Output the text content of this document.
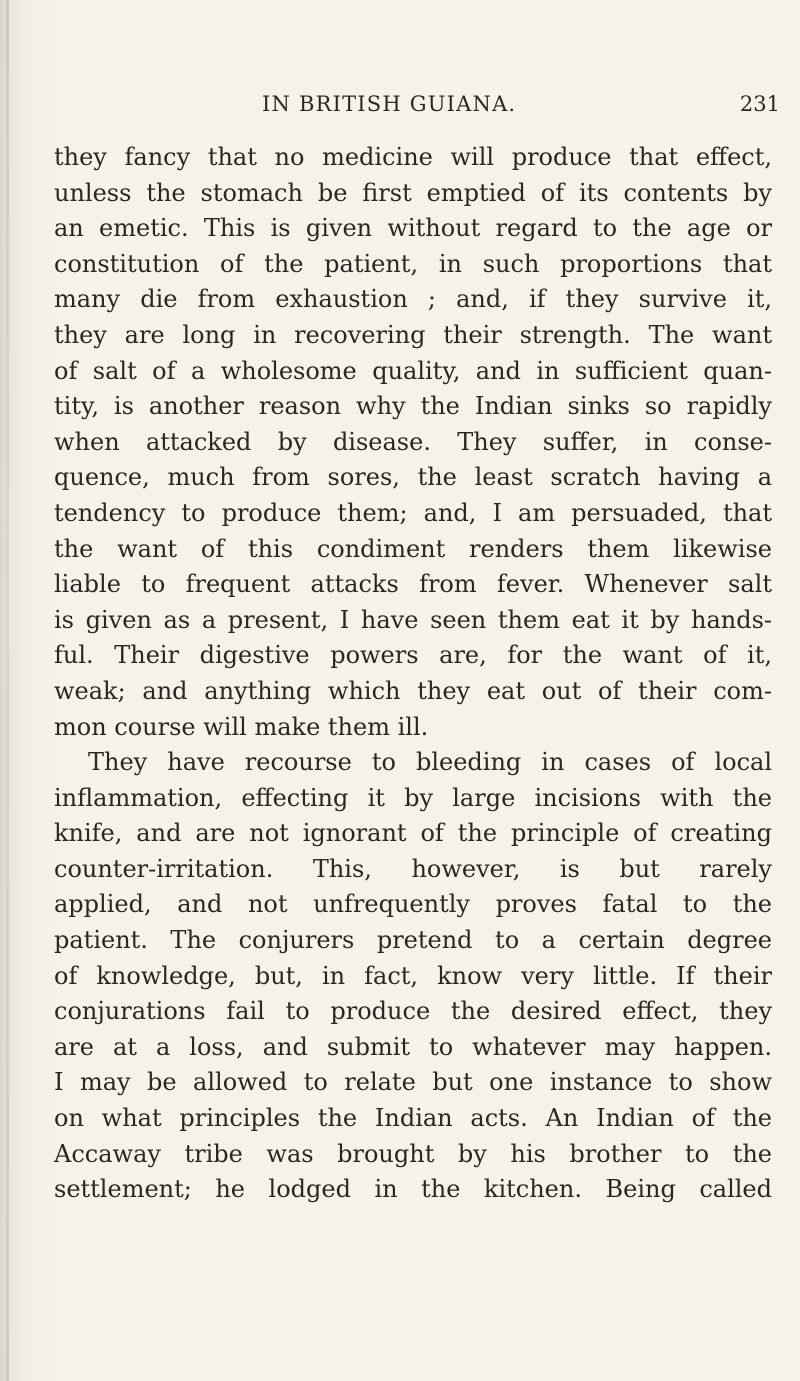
IN BRITISH GUIANA.	231
they fancy that no medicine will produce that effect,
unless the stomach be first emptied of its contents by
an emetic. This is given without regard to the age or
constitution of the patient, in such proportions that
many die from exhaustion ; and, if they survive it,
they are long in recovering their strength. The want
of salt of a wholesome quality, and in sufficient quan-
tity, is another reason why the Indian sinks so rapidly
when attacked by disease. They suffer, in conse-
quence, much from sores, the least scratch having a
tendency to produce them; and, I am persuaded, that
the want of this condiment renders them likewise
liable to frequent attacks from fever. Whenever salt
is given as a present, I have seen them eat it by hands-
ful. Their digestive powers are, for the want of it,
weak; and anything which they eat out of their com-
mon course will make them ill.
They have recourse to bleeding in cases of local
inflammation, effecting it by large incisions with the
knife, and are not ignorant of the principle of creating
counter-irritation. This, however, is but rarely
applied, and not unfrequently proves fatal to the
patient. The conjurers pretend to a certain degree
of knowledge, but, in fact, know very little. If their
conjurations fail to produce the desired effect, they
are at a loss, and submit to whatever may happen.
I may be allowed to relate but one instance to show
on what principles the Indian acts. An Indian of the
Accaway tribe was brought by his brother to the
settlement; he lodged in the kitchen. Being called
